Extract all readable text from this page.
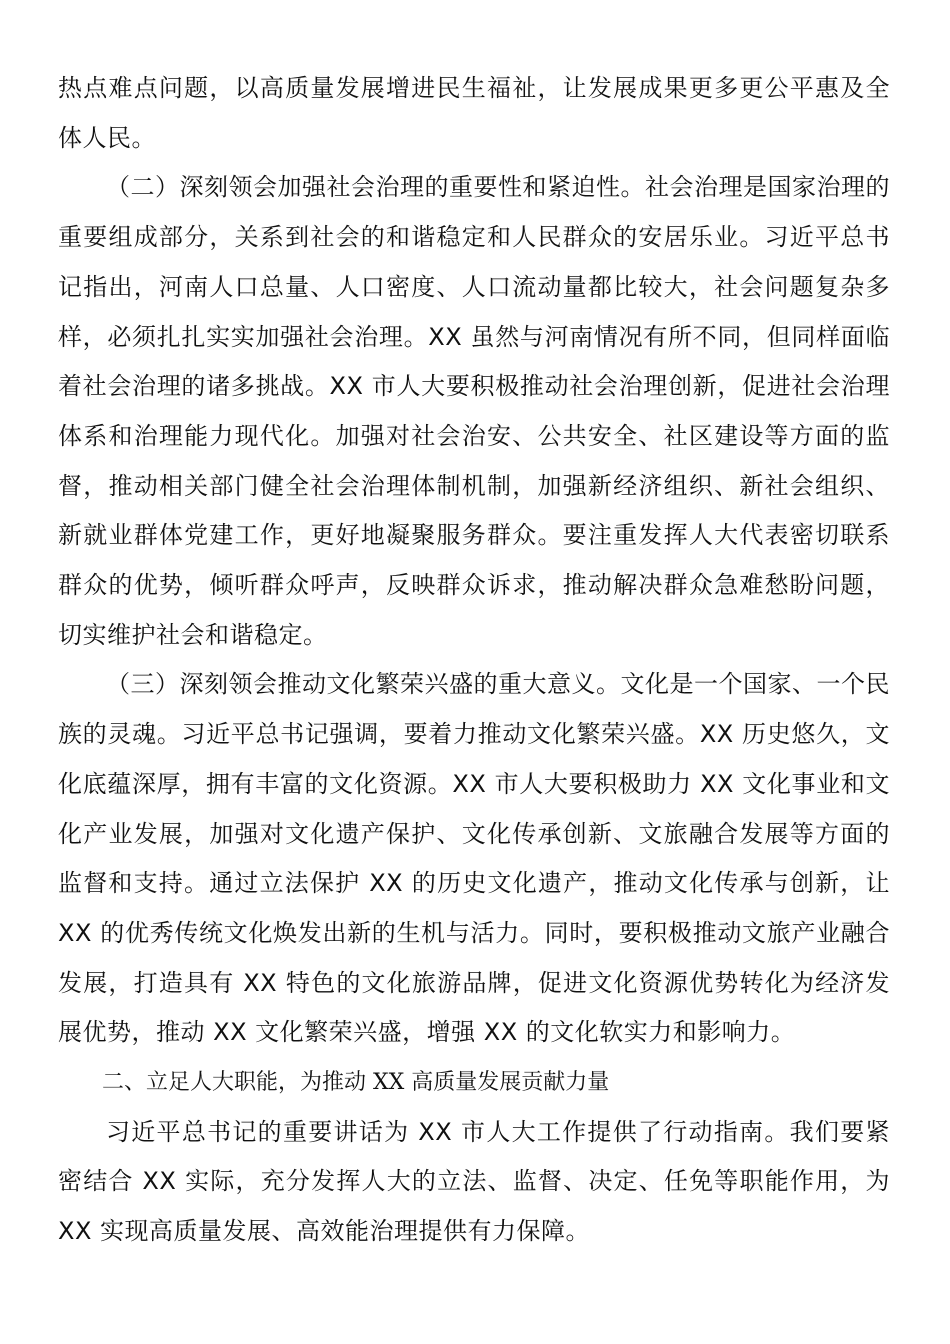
热点难点问题，以高质量发展增进民生福祉，让发展成果更多更公平惠及全体人民。

（二）深刻领会加强社会治理的重要性和紧迫性。社会治理是国家治理的重要组成部分，关系到社会的和谐稳定和人民群众的安居乐业。习近平总书记指出，河南人口总量、人口密度、人口流动量都比较大，社会问题复杂多样，必须扎扎实实加强社会治理。XX 虽然与河南情况有所不同，但同样面临着社会治理的诸多挑战。XX 市人大要积极推动社会治理创新，促进社会治理体系和治理能力现代化。加强对社会治安、公共安全、社区建设等方面的监督，推动相关部门健全社会治理体制机制，加强新经济组织、新社会组织、新就业群体党建工作，更好地凝聚服务群众。要注重发挥人大代表密切联系群众的优势，倾听群众呼声，反映群众诉求，推动解决群众急难愁盼问题，切实维护社会和谐稳定。

（三）深刻领会推动文化繁荣兴盛的重大意义。文化是一个国家、一个民族的灵魂。习近平总书记强调，要着力推动文化繁荣兴盛。XX 历史悠久，文化底蕴深厚，拥有丰富的文化资源。XX 市人大要积极助力 XX 文化事业和文化产业发展，加强对文化遗产保护、文化传承创新、文旅融合发展等方面的监督和支持。通过立法保护 XX 的历史文化遗产，推动文化传承与创新，让 XX 的优秀传统文化焕发出新的生机与活力。同时，要积极推动文旅产业融合发展，打造具有 XX 特色的文化旅游品牌，促进文化资源优势转化为经济发展优势，推动 XX 文化繁荣兴盛，增强 XX 的文化软实力和影响力。

二、立足人大职能，为推动 XX 高质量发展贡献力量

习近平总书记的重要讲话为 XX 市人大工作提供了行动指南。我们要紧密结合 XX 实际，充分发挥人大的立法、监督、决定、任免等职能作用，为 XX 实现高质量发展、高效能治理提供有力保障。
